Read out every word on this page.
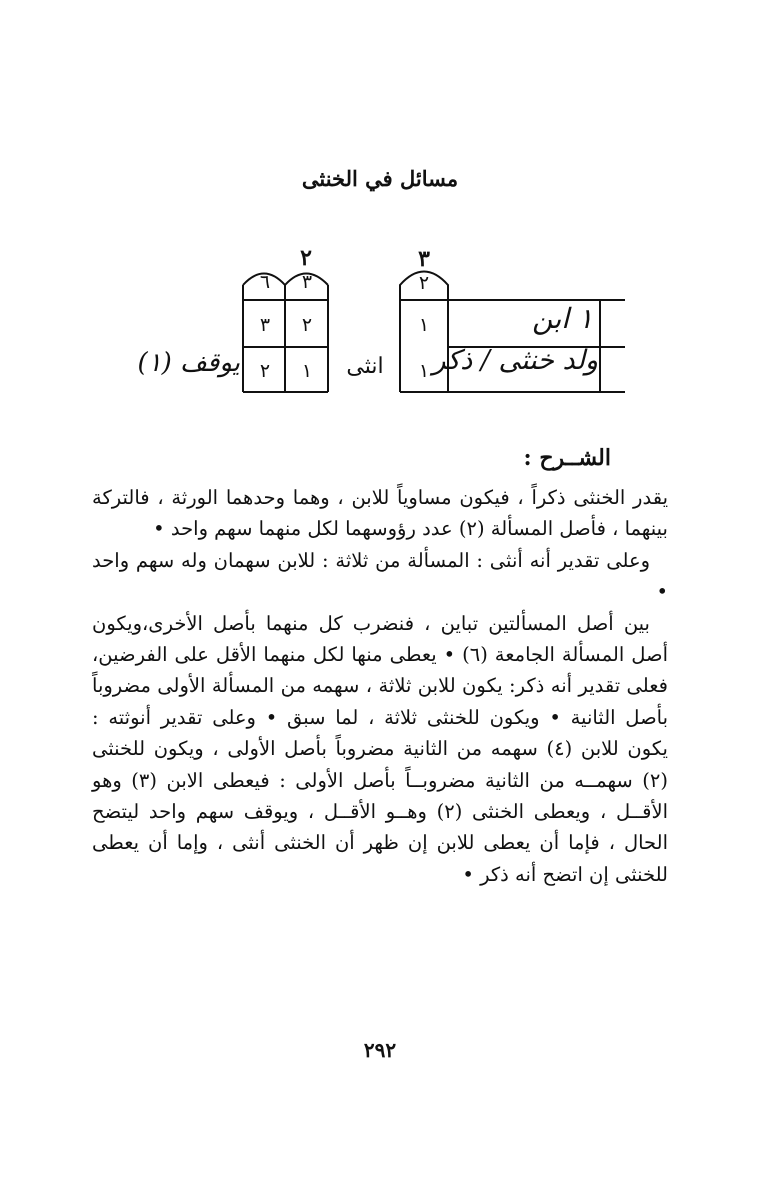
مسائل في الخنثى
٣
٢
٢
٦	٣
١ ابن
١
٢
٣
ولد خنثى / ذكر
١
انثى
١
٢
يوقف (١)
الشــرح :

يقدر الخنثى ذكراً ، فيكون مساوياً للابن ، وهما وحدهما الورثة ، فالتركة بينهما ، فأصل المسألة (٢) عدد رؤوسهما لكل منهما سهم واحد •

وعلى تقدير أنه أنثى : المسألة من ثلاثة : للابن سهمان وله سهم واحد •

بين أصل المسألتين تباين ، فنضرب كل منهما بأصل الأخرى،ويكون أصل المسألة الجامعة (٦) • يعطى منها لكل منهما الأقل على الفرضين، فعلى تقدير أنه ذكر: يكون للابن ثلاثة ، سهمه من المسألة الأولى مضروباً بأصل الثانية • ويكون للخنثى ثلاثة ، لما سبق • وعلى تقدير أنوثته : يكون للابن (٤) سهمه من الثانية مضروباً بأصل الأولى ، ويكون للخنثى (٢) سهمــه من الثانية مضروبــاً بأصل الأولى : فيعطى الابن (٣) وهو الأقــل ، ويعطى الخنثى (٢) وهــو الأقــل ، ويوقف سهم واحد ليتضح الحال ، فإما أن يعطى للابن إن ظهر أن الخنثى أنثى ، وإما أن يعطى للخنثى إن اتضح أنه ذكر •

٢٩٢
